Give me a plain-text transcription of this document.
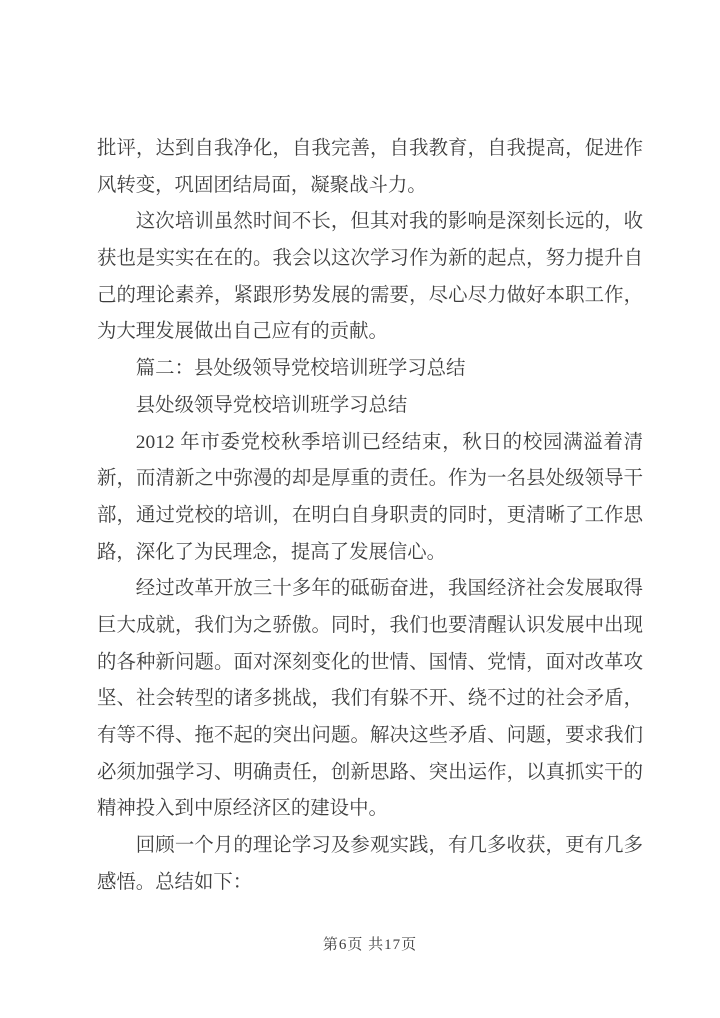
批评，达到自我净化，自我完善，自我教育，自我提高，促进作
风转变，巩固团结局面，凝聚战斗力。
这次培训虽然时间不长，但其对我的影响是深刻长远的，收
获也是实实在在的。我会以这次学习作为新的起点，努力提升自
己的理论素养，紧跟形势发展的需要，尽心尽力做好本职工作，
为大理发展做出自己应有的贡献。
篇二：县处级领导党校培训班学习总结
县处级领导党校培训班学习总结
2012 年市委党校秋季培训已经结束，秋日的校园满溢着清
新，而清新之中弥漫的却是厚重的责任。作为一名县处级领导干
部，通过党校的培训，在明白自身职责的同时，更清晰了工作思
路，深化了为民理念，提高了发展信心。
经过改革开放三十多年的砥砺奋进，我国经济社会发展取得
巨大成就，我们为之骄傲。同时，我们也要清醒认识发展中出现
的各种新问题。面对深刻变化的世情、国情、党情，面对改革攻
坚、社会转型的诸多挑战，我们有躲不开、绕不过的社会矛盾，
有等不得、拖不起的突出问题。解决这些矛盾、问题，要求我们
必须加强学习、明确责任，创新思路、突出运作，以真抓实干的
精神投入到中原经济区的建设中。
回顾一个月的理论学习及参观实践，有几多收获，更有几多
感悟。总结如下：
第6页 共17页
